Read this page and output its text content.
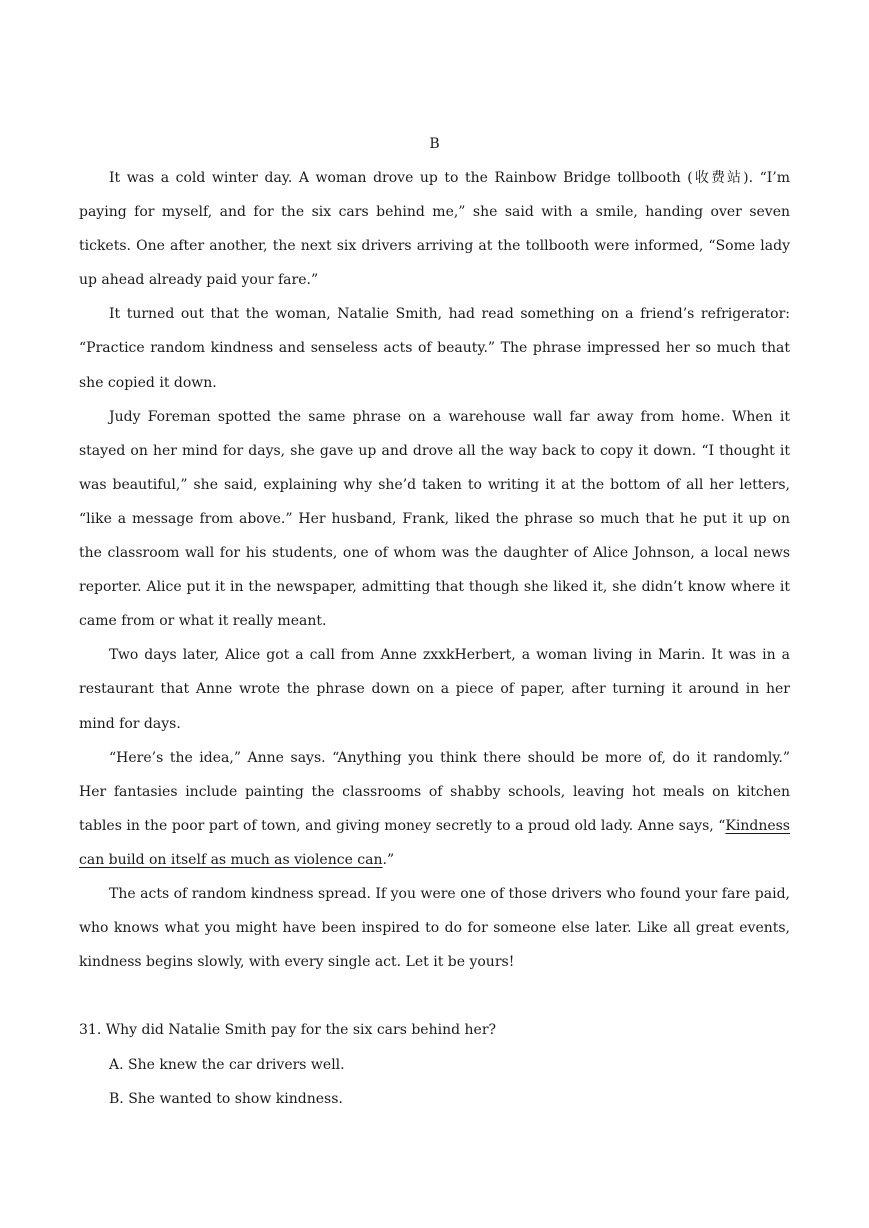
B

It was a cold winter day. A woman drove up to the Rainbow Bridge tollbooth (收费站). “I’m paying for myself, and for the six cars behind me,” she said with a smile, handing over seven tickets. One after another, the next six drivers arriving at the tollbooth were informed, “Some lady up ahead already paid your fare.”

It turned out that the woman, Natalie Smith, had read something on a friend’s refrigerator: “Practice random kindness and senseless acts of beauty.” The phrase impressed her so much that she copied it down.

Judy Foreman spotted the same phrase on a warehouse wall far away from home. When it stayed on her mind for days, she gave up and drove all the way back to copy it down. “I thought it was beautiful,” she said, explaining why she’d taken to writing it at the bottom of all her letters, “like a message from above.” Her husband, Frank, liked the phrase so much that he put it up on the classroom wall for his students, one of whom was the daughter of Alice Johnson, a local news reporter. Alice put it in the newspaper, admitting that though she liked it, she didn’t know where it came from or what it really meant.

Two days later, Alice got a call from Anne zxxkHerbert, a woman living in Marin. It was in a restaurant that Anne wrote the phrase down on a piece of paper, after turning it around in her mind for days.

“Here’s the idea,” Anne says. “Anything you think there should be more of, do it randomly.” Her fantasies include painting the classrooms of shabby schools, leaving hot meals on kitchen tables in the poor part of town, and giving money secretly to a proud old lady. Anne says, “Kindness can build on itself as much as violence can.”

The acts of random kindness spread. If you were one of those drivers who found your fare paid, who knows what you might have been inspired to do for someone else later. Like all great events, kindness begins slowly, with every single act. Let it be yours!

31. Why did Natalie Smith pay for the six cars behind her?

A. She knew the car drivers well.

B. She wanted to show kindness.
